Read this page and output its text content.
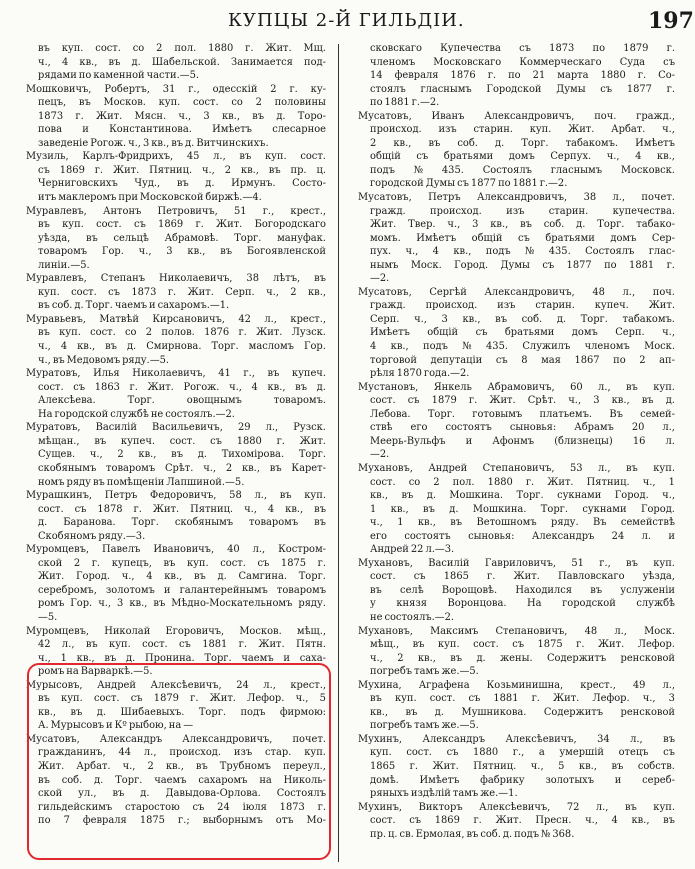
КУПЦЫ 2-Й ГИЛЬДІИ.	197
въ куп. сост. со 2 пол. 1880 г. Жит. Мщ.
ч., 4 кв., въ д. Шабельской. Занимается под-
рядами по каменной части.—5.
Мошковичъ, Робертъ, 31 г., одесскій 2 г. ку-
пецъ, въ Москов. куп. сост. со 2 половины
1873 г. Жит. Мясн. ч., 3 кв., въ д. Торо-
пова и Константинова. Имѣетъ слесарное
заведеніе Рогож. ч., 3 кв., въ д. Витчинскихъ.
Музиль, Карлъ-Фридрихъ, 45 л., въ куп. сост.
съ 1869 г. Жит. Пятниц. ч., 2 кв., въ пр. ц.
Черниговскихъ Чуд., въ д. Ирмунъ. Состо-
итъ маклеромъ при Московской биржѣ.—4.
Муравлевъ, Антонъ Петровичъ, 51 г., крест.,
въ куп. сост. съ 1869 г. Жит. Богородскаго
уѣзда, въ сельцѣ Абрамовѣ. Торг. мануфак.
товаромъ Гор. ч., 3 кв., въ Богоявленской
линіи.—5.
Муравлевъ, Степанъ Николаевичъ, 38 лѣтъ, въ
куп. сост. съ 1873 г. Жит. Серп. ч., 2 кв.,
въ соб. д. Торг. чаемъ и сахаромъ.—1.
Муравьевъ, Матвѣй Кирсановичъ, 42 л., крест.,
въ куп. сост. со 2 полов. 1876 г. Жит. Лузск.
ч., 4 кв., въ д. Смирнова. Торг. масломъ Гор.
ч., въ Медовомъ ряду.—5.
Муратовъ, Илья Николаевичъ, 41 г., въ купеч.
сост. съ 1863 г. Жит. Рогож. ч., 4 кв., въ д.
Алексѣева.	Торг.	овощнымъ	товаромъ.
На городской службѣ не состоялъ.—2.
Муратовъ, Василій Васильевичъ, 29 л., Рузск.
мѣщан., въ купеч. сост. съ 1880 г. Жит.
Сущев. ч., 2 кв., въ д. Тихомірова. Торг.
скобянымъ товаромъ Срѣт. ч., 2 кв., въ Карет-
номъ ряду въ помѣщеніи Лапшиной.—5.
Мурашкинъ, Петръ Федоровичъ, 58 л., въ куп.
сост. съ 1878 г. Жит. Пятниц. ч., 4 кв., въ
д. Баранова. Торг. скобянымъ товаромъ въ
Скобяномъ ряду.—3.
Муромцевъ, Павелъ Ивановичъ, 40 л., Костром-
ской 2 г. купецъ, въ куп. сост. съ 1875 г.
Жит. Город. ч., 4 кв., въ д. Самгина. Торг.
серебромъ, золотомъ и галантерейнымъ товаромъ
ромъ Гор. ч., 3 кв., въ Мѣдно-Москательномъ ряду.
—5.
Муромцевъ, Николай Егоровичъ, Москов. мѣщ.,
42 л., въ куп. сост. съ 1881 г. Жит. Пятн.
ч., 1 кв., въ д. Пронина. Торг. чаемъ и саха-
ромъ на Варваркѣ.—5.
Мурысовъ, Андрей Алексѣевичъ, 24 л., крест.,
въ куп. сост. съ 1879 г. Жит. Лефор. ч., 5
кв., въ д. Шибаевыхъ. Торг. подъ фирмою:
А. Мурысовъ и Кº рыбою, на —
Мусатовъ, Александръ Александровичъ, почет.
гражданинъ, 44 л., происход. изъ стар. куп.
Жит. Арбат. ч., 2 кв., въ Трубномъ переул.,
въ соб. д. Торг. чаемъ сахаромъ на Николь-
ской ул., въ д. Давыдова-Орлова. Состоялъ
гильдейскимъ старостою съ 24 іюля 1873 г.
по 7 февраля 1875 г.; выборнымъ отъ Мо-
сковскаго Купечества съ 1873 по 1879 г.
членомъ Московскаго Коммерческаго Суда съ
14 февраля 1876 г. по 21 марта 1880 г. Со-
стоялъ гласнымъ Городской Думы съ 1877 г.
по 1881 г.—2.
Мусатовъ, Иванъ Александровичъ, поч. гражд.,
происход. изъ старин. куп. Жит. Арбат. ч.,
2 кв., въ соб. д. Торг. табакомъ. Имѣетъ
общій съ братьями домъ Серпух. ч., 4 кв.,
подъ № 435. Состоялъ гласнымъ Московск.
городской Думы съ 1877 по 1881 г.—2.
Мусатовъ, Петръ Александровичъ, 38 л., почет.
гражд. происход. изъ старин. купечества.
Жит. Твер. ч., 3 кв., въ соб. д. Торг. табако-
момъ. Имѣетъ общій съ братьями домъ Сер-
пух. ч., 4 кв., подъ № 435. Состоялъ глас-
нымъ Моск. Город. Думы съ 1877 по 1881 г.
—2.
Мусатовъ, Сергѣй Александровичъ, 48 л., поч.
гражд. происход. изъ старин. купеч. Жит.
Серп. ч., 3 кв., въ соб. д. Торг. табакомъ.
Имѣетъ общій съ братьями домъ Серп. ч.,
4 кв., подъ № 435. Служилъ членомъ Моск.
торговой депутаціи съ 8 мая 1867 по 2 ап-
рѣля 1870 года.—2.
Мустановъ, Янкель Абрамовичъ, 60 л., въ куп.
сост. съ 1879 г. Жит. Срѣт. ч., 3 кв., въ д.
Лебова. Торг. готовымъ платьемъ. Въ семей-
ствѣ его состоятъ сыновья: Абрамъ 20 л.,
Меерь-Вульфъ и Афонмъ (близнецы) 16 л.
—2.
Мухановъ, Андрей Степановичъ, 53 л., въ куп.
сост. со 2 пол. 1880 г. Жит. Пятниц. ч., 1
кв., въ д. Мошкина. Торг. сукнами Город. ч.,
1 кв., въ д. Мошкина. Торг. сукнами Город.
ч., 1 кв., въ Ветошномъ ряду. Въ семействѣ
его состоятъ сыновья: Александръ 24 л. и
Андрей 22 л.—3.
Мухановъ, Василій Гавриловичъ, 51 г., въ куп.
сост. съ 1865 г. Жит. Павловскаго уѣзда,
въ селѣ Ворощовѣ. Находился въ услуженіи
у князя Воронцова. На городской службѣ
не состоялъ.—2.
Мухановъ, Максимъ Степановичъ, 48 л., Моск.
мѣщ., въ куп. сост. съ 1875 г. Жит. Лефор.
ч., 2 кв., въ д. жены. Содержитъ ренсковой
погребъ тамъ же.—5.
Мухина, Аграфена Козьминишна, крест., 49 л.,
въ куп. сост. съ 1881 г. Жит. Лефор. ч., 3
кв., въ д. Мушникова. Содержитъ ренсковой
погребъ тамъ же.—5.
Мухинъ, Александръ Алексѣевичъ, 34 л., въ
куп. сост. съ 1880 г., а умершій отецъ съ
1865 г. Жит. Пятниц. ч., 5 кв., въ собств.
домѣ. Имѣетъ фабрику золотыхъ и сереб-
ряныхъ издѣлій тамъ же.—1.
Мухинъ, Викторъ Алексѣевичъ, 72 л., въ куп.
сост. съ 1869 г. Жит. Пресн. ч., 4 кв., въ
пр. ц. св. Ермолая, въ соб. д. подъ № 368.
